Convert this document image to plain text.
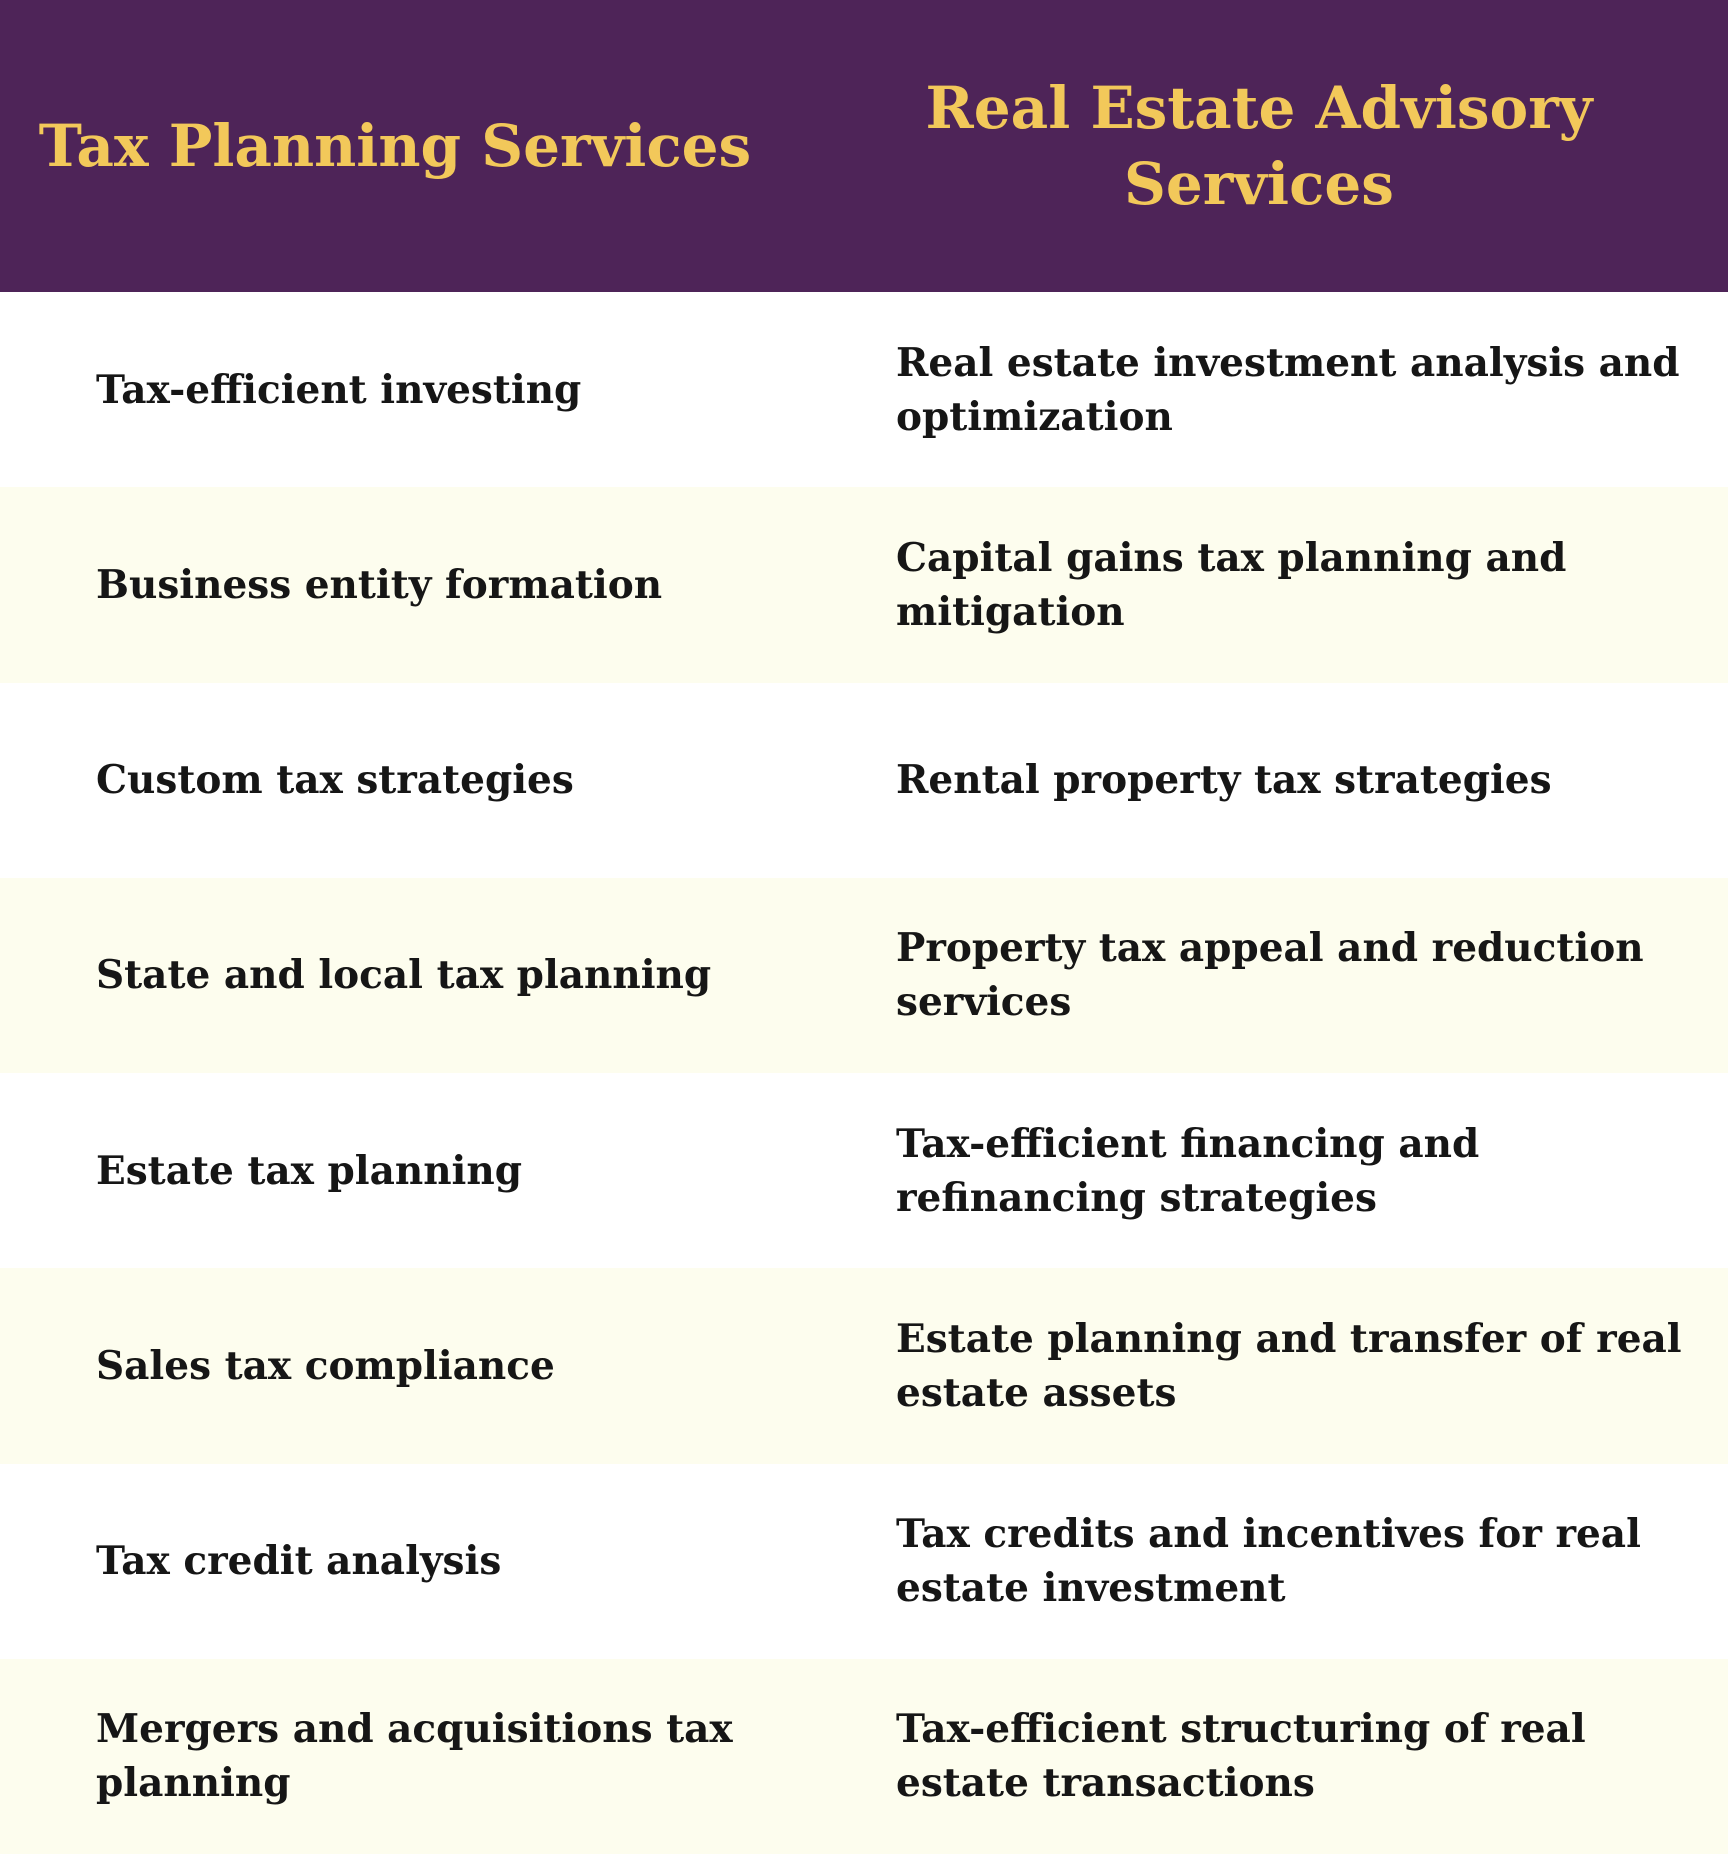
Tax Planning Services
Real Estate Advisory Services
Tax-efficient investing
Real estate investment analysis and optimization
Business entity formation
Capital gains tax planning and mitigation
Custom tax strategies	Rental property tax strategies
State and local tax planning
Property tax appeal and reduction services
Estate tax planning
Tax-efficient financing and refinancing strategies
Sales tax compliance
Estate planning and transfer of real estate assets
Tax credit analysis
Tax credits and incentives for real estate investment
Mergers and acquisitions tax planning
Tax-efficient structuring of real estate transactions
